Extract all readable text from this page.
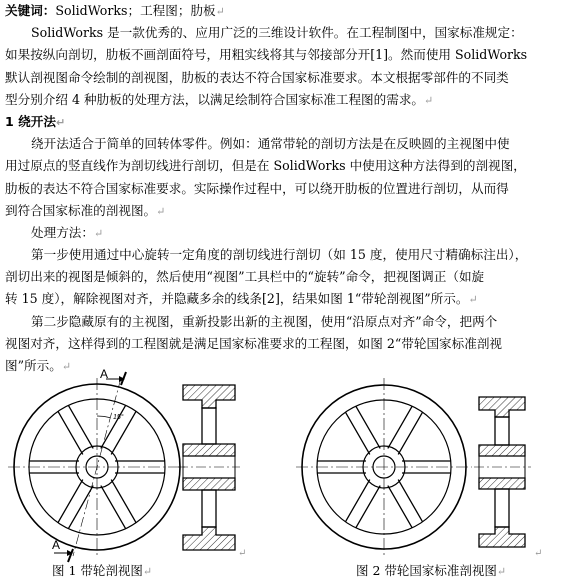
关键词：SolidWorks；工程图；肋板↵
SolidWorks 是一款优秀的、应用广泛的三维设计软件。在工程制图中，国家标准规定：
如果按纵向剖切，肋板不画剖面符号，用粗实线将其与邻接部分开[1]。然而使用 SolidWorks
默认剖视图命令绘制的剖视图，肋板的表达不符合国家标准要求。本文根据零部件的不同类
型分别介绍 4 种肋板的处理方法，以满足绘制符合国家标准工程图的需求。↵
1 绕开法↵
绕开法适合于简单的回转体零件。例如：通常带轮的剖切方法是在反映圆的主视图中使
用过原点的竖直线作为剖切线进行剖切，但是在 SolidWorks 中使用这种方法得到的剖视图，
肋板的表达不符合国家标准要求。实际操作过程中，可以绕开肋板的位置进行剖切，从而得
到符合国家标准的剖视图。↵
处理方法：↵
第一步使用通过中心旋转一定角度的剖切线进行剖切（如 15 度，使用尺寸精确标注出），
剖切出来的视图是倾斜的，然后使用“视图”工具栏中的“旋转”命令，把视图调正（如旋
转 15 度），解除视图对齐，并隐藏多余的线条[2]，结果如图 1“带轮剖视图”所示。↵
第二步隐藏原有的主视图，重新投影出新的主视图，使用“沿原点对齐”命令，把两个
视图对齐，这样得到的工程图就是满足国家标准要求的工程图，如图 2“带轮国家标准剖视
图”所示。↵
A
A
15°
↵	↵
图 1 带轮剖视图↵	图 2 带轮国家标准剖视图↵
